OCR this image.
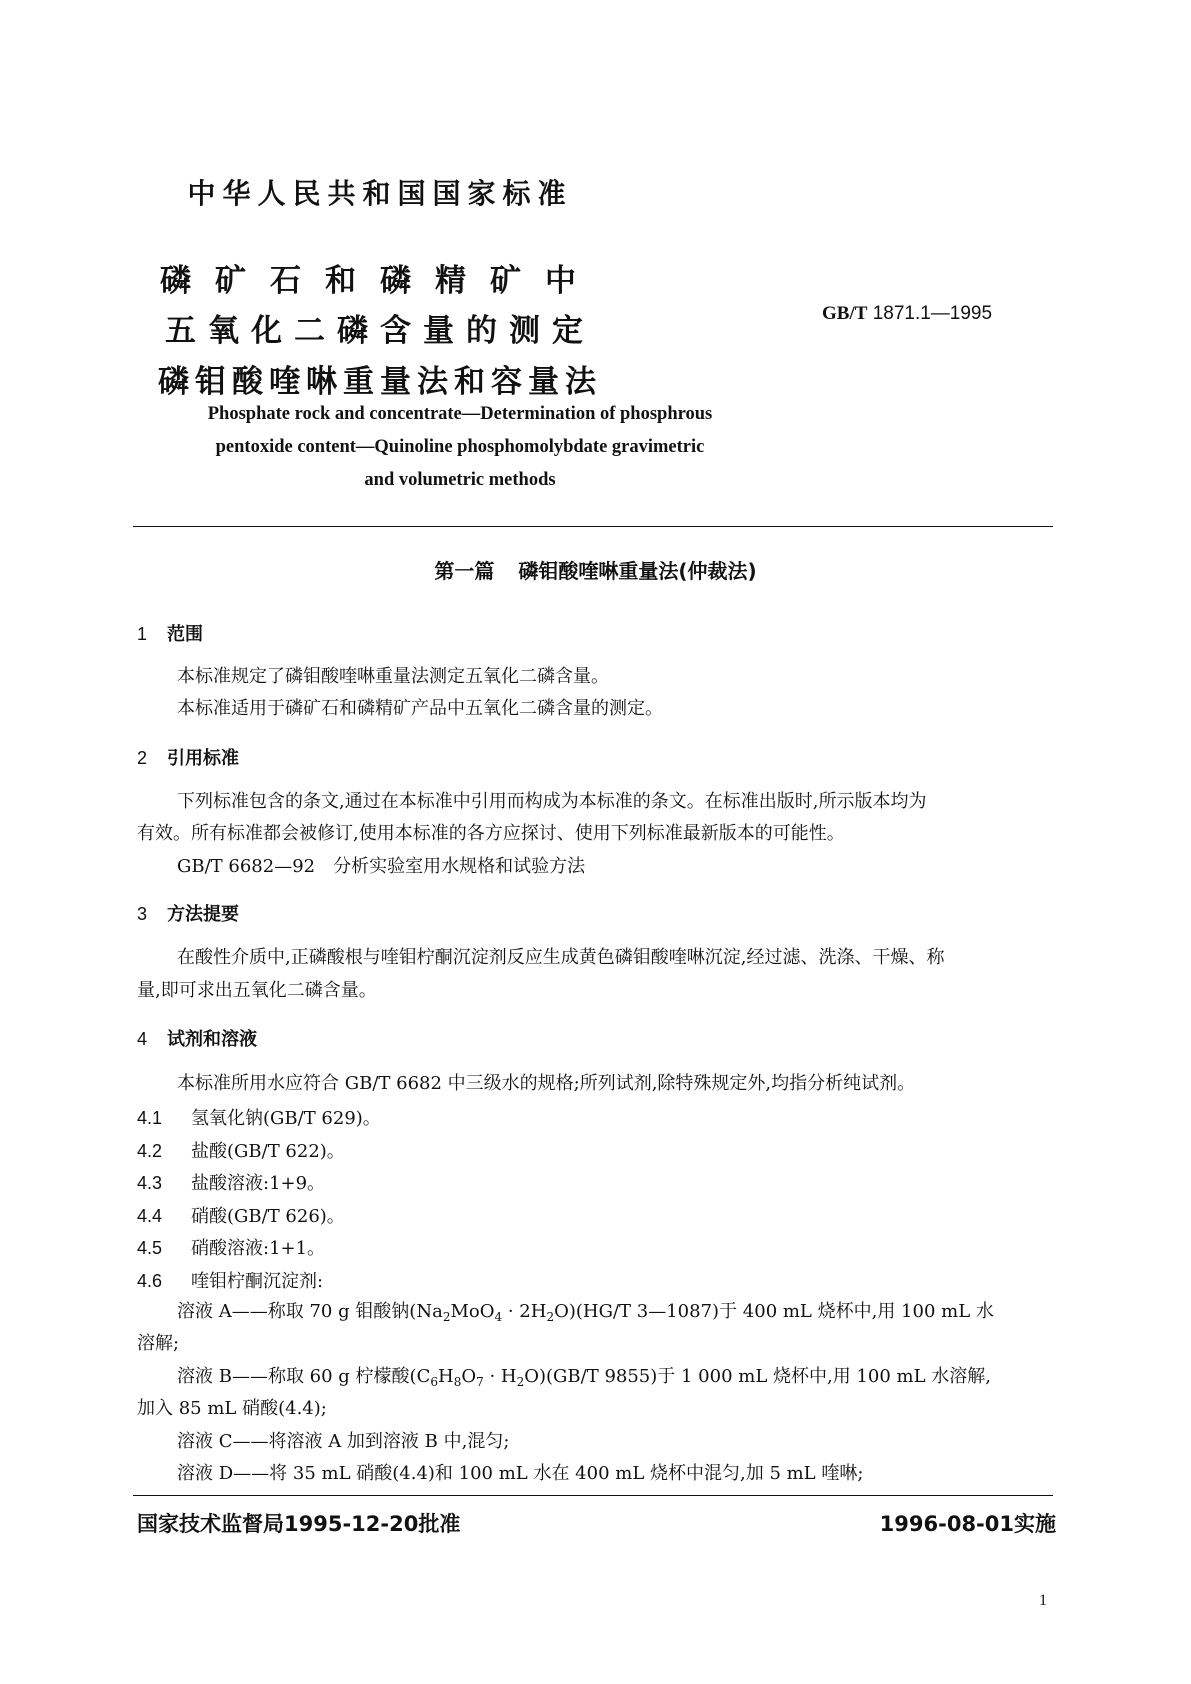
中华人民共和国国家标准
磷矿石和磷精矿中
五氧化二磷含量的测定
磷钼酸喹啉重量法和容量法
GB/T 1871.1—1995
Phosphate rock and concentrate—Determination of phosphrous
pentoxide content—Quinoline phosphomolybdate gravimetric
and volumetric methods
第一篇 磷钼酸喹啉重量法(仲裁法)
1 范围
本标准规定了磷钼酸喹啉重量法测定五氧化二磷含量。
本标准适用于磷矿石和磷精矿产品中五氧化二磷含量的测定。
2 引用标准
下列标准包含的条文,通过在本标准中引用而构成为本标准的条文。在标准出版时,所示版本均为
有效。所有标准都会被修订,使用本标准的各方应探讨、使用下列标准最新版本的可能性。
GB/T 6682—92 分析实验室用水规格和试验方法
3 方法提要
在酸性介质中,正磷酸根与喹钼柠酮沉淀剂反应生成黄色磷钼酸喹啉沉淀,经过滤、洗涤、干燥、称
量,即可求出五氧化二磷含量。
4 试剂和溶液
本标准所用水应符合 GB/T 6682 中三级水的规格;所列试剂,除特殊规定外,均指分析纯试剂。
4.1 氢氧化钠(GB/T 629)。
4.2 盐酸(GB/T 622)。
4.3 盐酸溶液:1+9。
4.4 硝酸(GB/T 626)。
4.5 硝酸溶液:1+1。
4.6 喹钼柠酮沉淀剂:
溶液 A——称取 70 g 钼酸钠$(Na_2MoO_4 \cdot 2H_2O)(HG/T$ 3—1087)于 400 mL 烧杯中,用 100 mL 水
溶解;
溶液 B——称取 60 g 柠檬酸$(C_6H_8O_7 \cdot H_2O)(GB/T$ 9855)于 1 000 mL 烧杯中,用 100 mL 水溶解,
加入 85 mL 硝酸(4.4);
溶液 C——将溶液 A 加到溶液 B 中,混匀;
溶液 D——将 35 mL 硝酸(4.4)和 100 mL 水在 400 mL 烧杯中混匀,加 5 mL 喹啉;
国家技术监督局1995-12-20批准	1996-08-01实施
1
